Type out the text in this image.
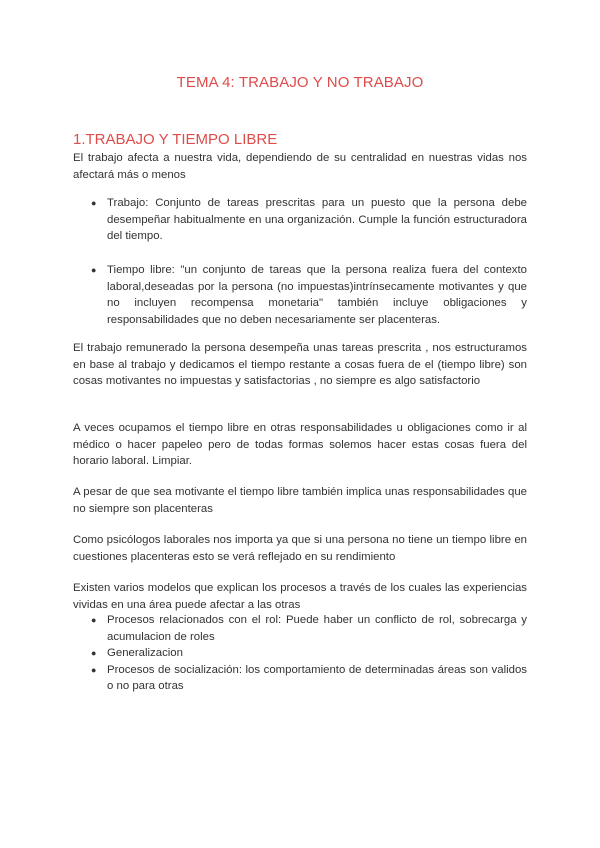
TEMA 4: TRABAJO Y NO TRABAJO
1.TRABAJO Y TIEMPO LIBRE

El trabajo afecta a nuestra vida, dependiendo de su centralidad en nuestras vidas nos afectará más o menos

● Trabajo: Conjunto de tareas prescritas para un puesto que la persona debe desempeñar habitualmente en una organización. Cumple la función estructuradora del tiempo.
● Tiempo libre: "un conjunto de tareas que la persona realiza fuera del contexto laboral,deseadas por la persona (no impuestas)intrínsecamente motivantes y que no incluyen recompensa monetaria" también incluye obligaciones y responsabilidades que no deben necesariamente ser placenteras.

El trabajo remunerado la persona desempeña unas tareas prescrita , nos estructuramos en base al trabajo y dedicamos el tiempo restante a cosas fuera de el (tiempo libre) son cosas motivantes no impuestas y satisfactorias , no siempre es algo satisfactorio

A veces ocupamos el tiempo libre en otras responsabilidades u obligaciones como ir al médico o hacer papeleo pero de todas formas solemos hacer estas cosas fuera del horario laboral. Limpiar.

A pesar de que sea motivante el tiempo libre también implica unas responsabilidades que no siempre son placenteras

Como psicólogos laborales nos importa ya que si una persona no tiene un tiempo libre en cuestiones placenteras esto se verá reflejado en su rendimiento

Existen varios modelos que explican los procesos a través de los cuales las experiencias vividas en una área puede afectar a las otras

● Procesos relacionados con el rol: Puede haber un conflicto de rol, sobrecarga y acumulacion de roles
● Generalizacion
● Procesos de socialización: los comportamiento de determinadas áreas son validos o no para otras
